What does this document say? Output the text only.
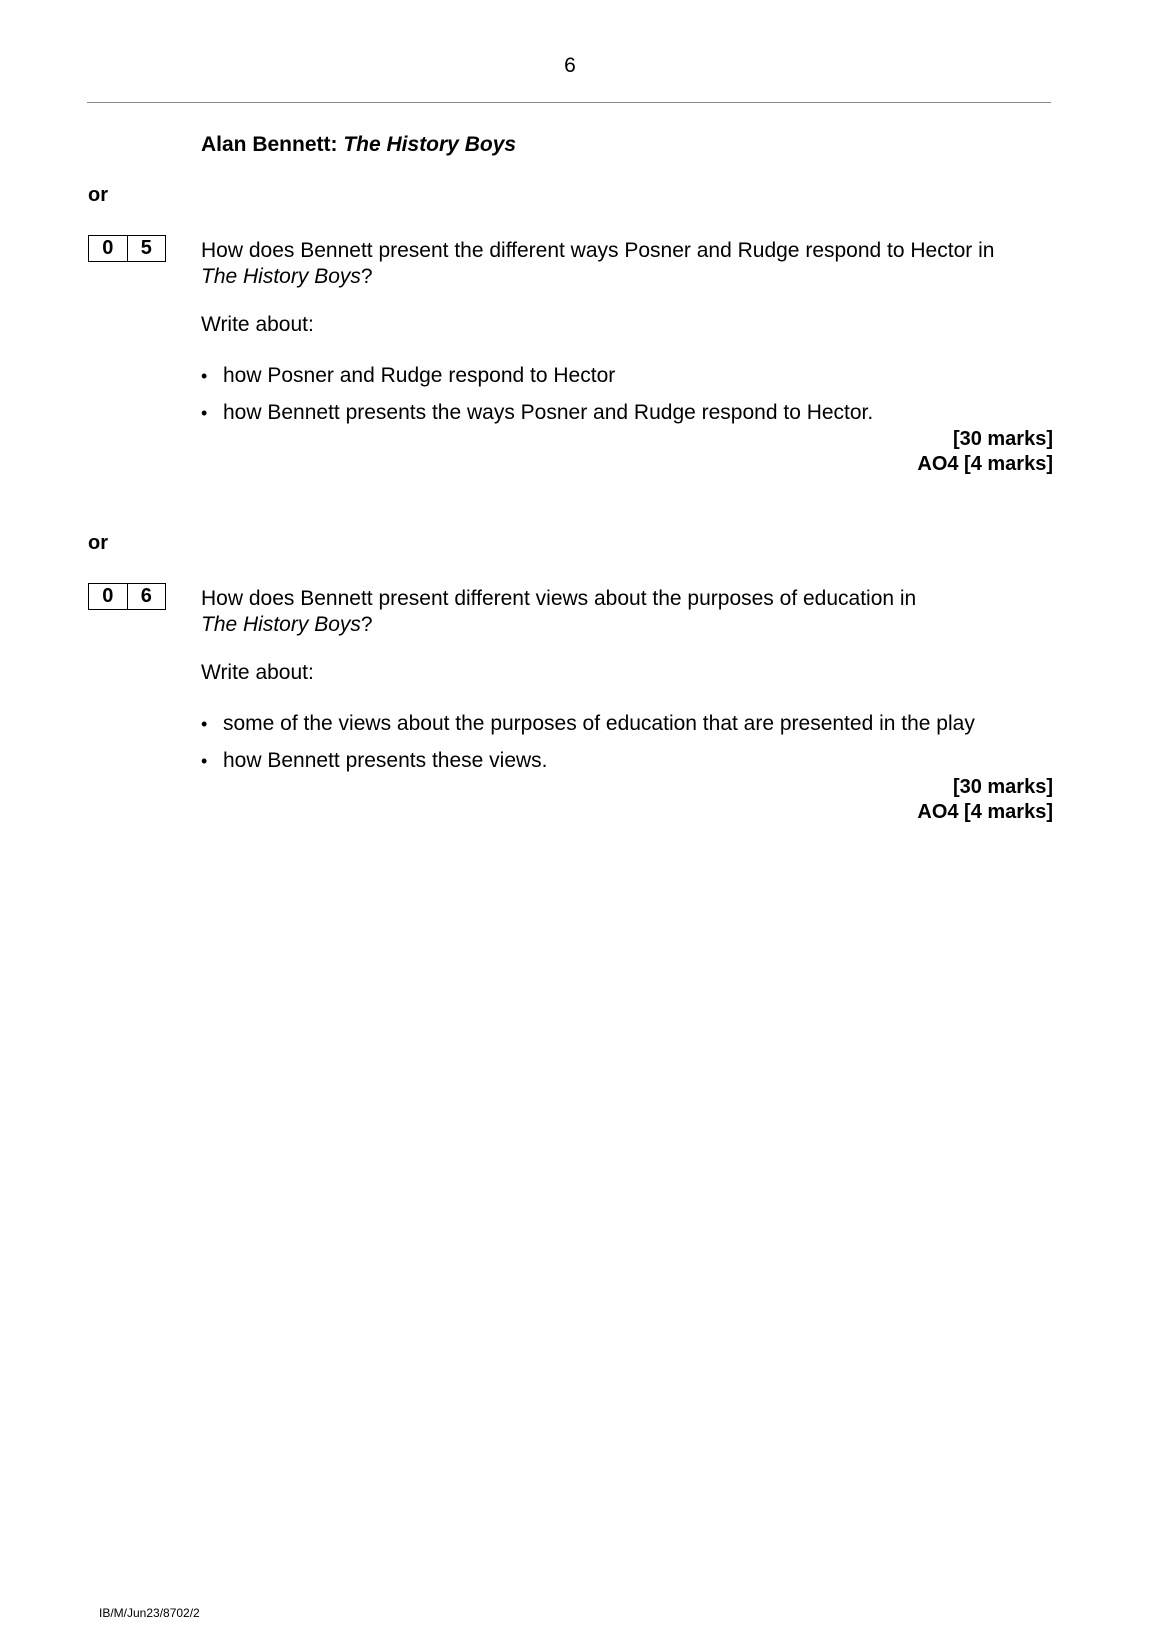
6
Alan Bennett: The History Boys
or
0	5	How does Bennett present the different ways Posner and Rudge respond to Hector in
The History Boys?
Write about:
• how Posner and Rudge respond to Hector
• how Bennett presents the ways Posner and Rudge respond to Hector.
[30 marks]
AO4 [4 marks]
or
0	6	How does Bennett present different views about the purposes of education in
The History Boys?
Write about:
• some of the views about the purposes of education that are presented in the play
• how Bennett presents these views.
[30 marks]
AO4 [4 marks]
IB/M/Jun23/8702/2
